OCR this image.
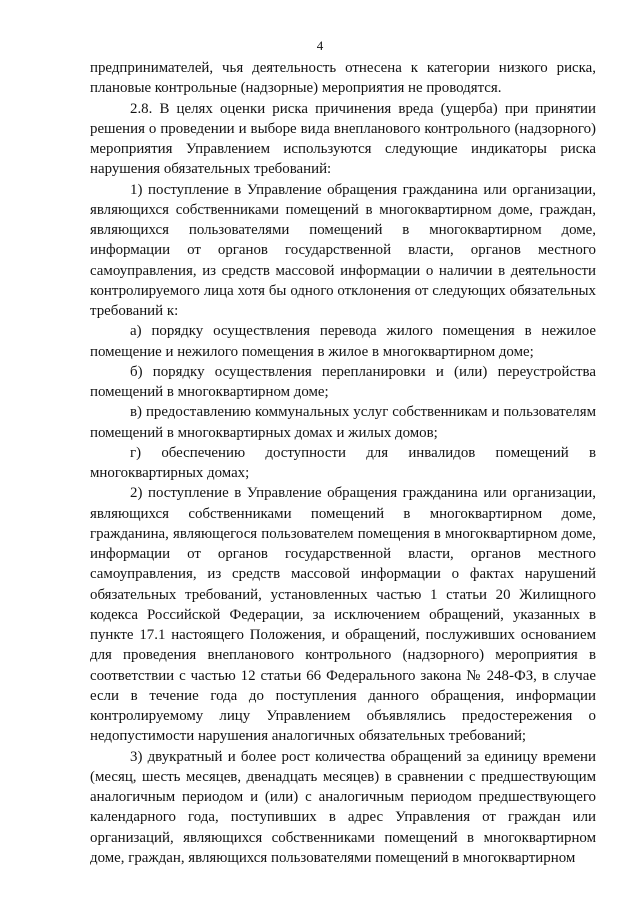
4

предпринимателей, чья деятельность отнесена к категории низкого риска, плановые контрольные (надзорные) мероприятия не проводятся.

2.8. В целях оценки риска причинения вреда (ущерба) при принятии решения о проведении и выборе вида внепланового контрольного (надзорного) мероприятия Управлением используются следующие индикаторы риска нарушения обязательных требований:

1) поступление в Управление обращения гражданина или организации, являющихся собственниками помещений в многоквартирном доме, граждан, являющихся пользователями помещений в многоквартирном доме, информации от органов государственной власти, органов местного самоуправления, из средств массовой информации о наличии в деятельности контролируемого лица хотя бы одного отклонения от следующих обязательных требований к:

а) порядку осуществления перевода жилого помещения в нежилое помещение и нежилого помещения в жилое в многоквартирном доме;

б) порядку осуществления перепланировки и (или) переустройства помещений в многоквартирном доме;

в) предоставлению коммунальных услуг собственникам и пользователям помещений в многоквартирных домах и жилых домов;

г) обеспечению доступности для инвалидов помещений в многоквартирных домах;

2) поступление в Управление обращения гражданина или организации, являющихся собственниками помещений в многоквартирном доме, гражданина, являющегося пользователем помещения в многоквартирном доме, информации от органов государственной власти, органов местного самоуправления, из средств массовой информации о фактах нарушений обязательных требований, установленных частью 1 статьи 20 Жилищного кодекса Российской Федерации, за исключением обращений, указанных в пункте 17.1 настоящего Положения, и обращений, послуживших основанием для проведения внепланового контрольного (надзорного) мероприятия в соответствии с частью 12 статьи 66 Федерального закона № 248-ФЗ, в случае если в течение года до поступления данного обращения, информации контролируемому лицу Управлением объявлялись предостережения о недопустимости нарушения аналогичных обязательных требований;

3) двукратный и более рост количества обращений за единицу времени (месяц, шесть месяцев, двенадцать месяцев) в сравнении с предшествующим аналогичным периодом и (или) с аналогичным периодом предшествующего календарного года, поступивших в адрес Управления от граждан или организаций, являющихся собственниками помещений в многоквартирном доме, граждан, являющихся пользователями помещений в многоквартирном
